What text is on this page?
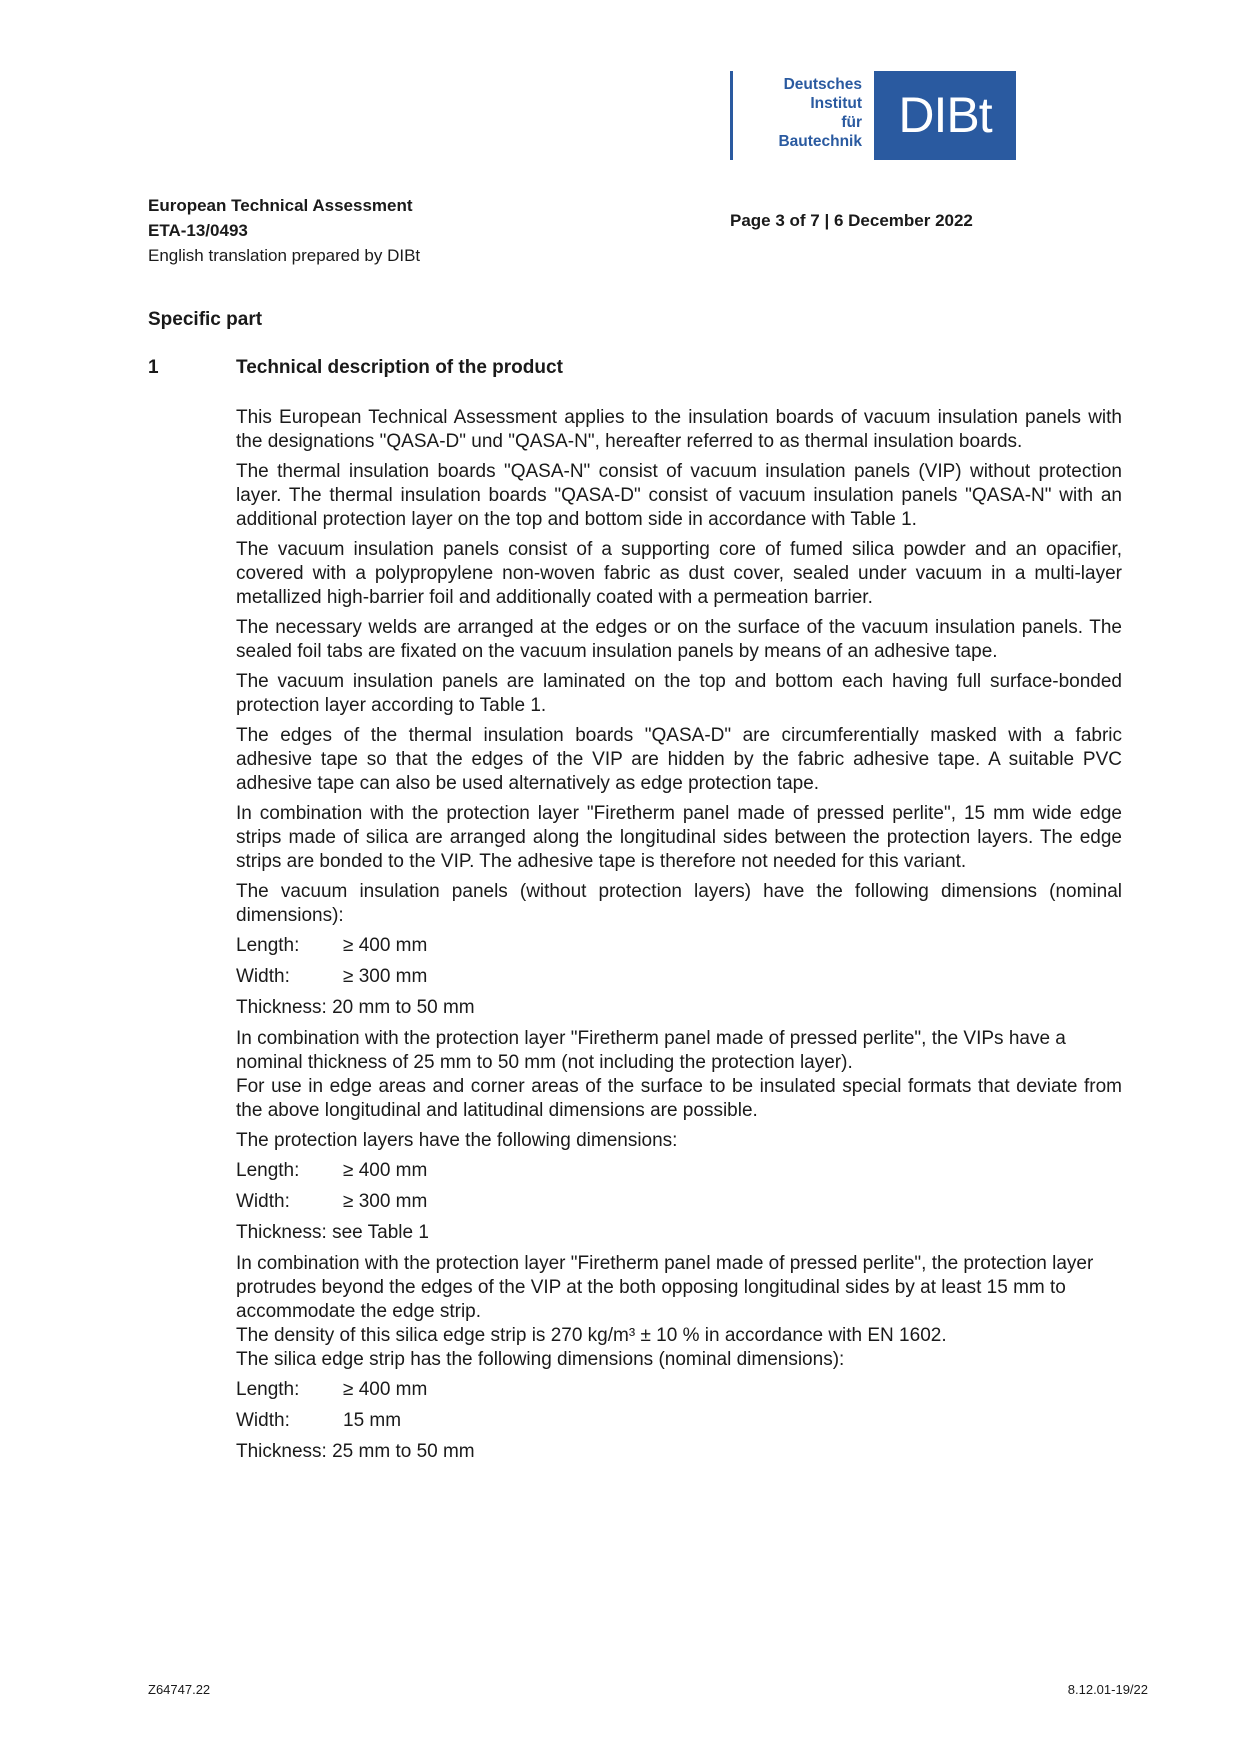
Deutsches
Institut
für
Bautechnik DIBt
European Technical Assessment
ETA-13/0493
English translation prepared by DIBt
Page 3 of 7 | 6 December 2022
Specific part
1	Technical description of the product

This European Technical Assessment applies to the insulation boards of vacuum insulation panels with the designations "QASA-D" und "QASA-N", hereafter referred to as thermal insulation boards.

The thermal insulation boards "QASA-N" consist of vacuum insulation panels (VIP) without protection layer. The thermal insulation boards "QASA-D" consist of vacuum insulation panels "QASA-N" with an additional protection layer on the top and bottom side in accordance with Table 1.

The vacuum insulation panels consist of a supporting core of fumed silica powder and an opacifier, covered with a polypropylene non-woven fabric as dust cover, sealed under vacuum in a multi-layer metallized high-barrier foil and additionally coated with a permeation barrier.

The necessary welds are arranged at the edges or on the surface of the vacuum insulation panels. The sealed foil tabs are fixated on the vacuum insulation panels by means of an adhesive tape.

The vacuum insulation panels are laminated on the top and bottom each having full surface-bonded protection layer according to Table 1.

The edges of the thermal insulation boards "QASA-D" are circumferentially masked with a fabric adhesive tape so that the edges of the VIP are hidden by the fabric adhesive tape. A suitable PVC adhesive tape can also be used alternatively as edge protection tape.

In combination with the protection layer "Firetherm panel made of pressed perlite", 15 mm wide edge strips made of silica are arranged along the longitudinal sides between the protection layers. The edge strips are bonded to the VIP. The adhesive tape is therefore not needed for this variant.

The vacuum insulation panels (without protection layers) have the following dimensions (nominal dimensions):

Length:	≥ 400 mm
Width:	≥ 300 mm
Thickness:
20 mm to 50 mm

In combination with the protection layer "Firetherm panel made of pressed perlite", the VIPs have a nominal thickness of 25 mm to 50 mm (not including the protection layer).

For use in edge areas and corner areas of the surface to be insulated special formats that deviate from the above longitudinal and latitudinal dimensions are possible.

The protection layers have the following dimensions:

Length:	≥ 400 mm
Width:	≥ 300 mm
Thickness:
see Table 1

In combination with the protection layer "Firetherm panel made of pressed perlite", the protection layer protrudes beyond the edges of the VIP at the both opposing longitudinal sides by at least 15 mm to accommodate the edge strip.

The density of this silica edge strip is 270 kg/m³ ± 10 % in accordance with EN 1602.

The silica edge strip has the following dimensions (nominal dimensions):

Length:	≥ 400 mm
Width:	15 mm
Thickness:
25 mm to 50 mm
Z64747.22	8.12.01-19/22
